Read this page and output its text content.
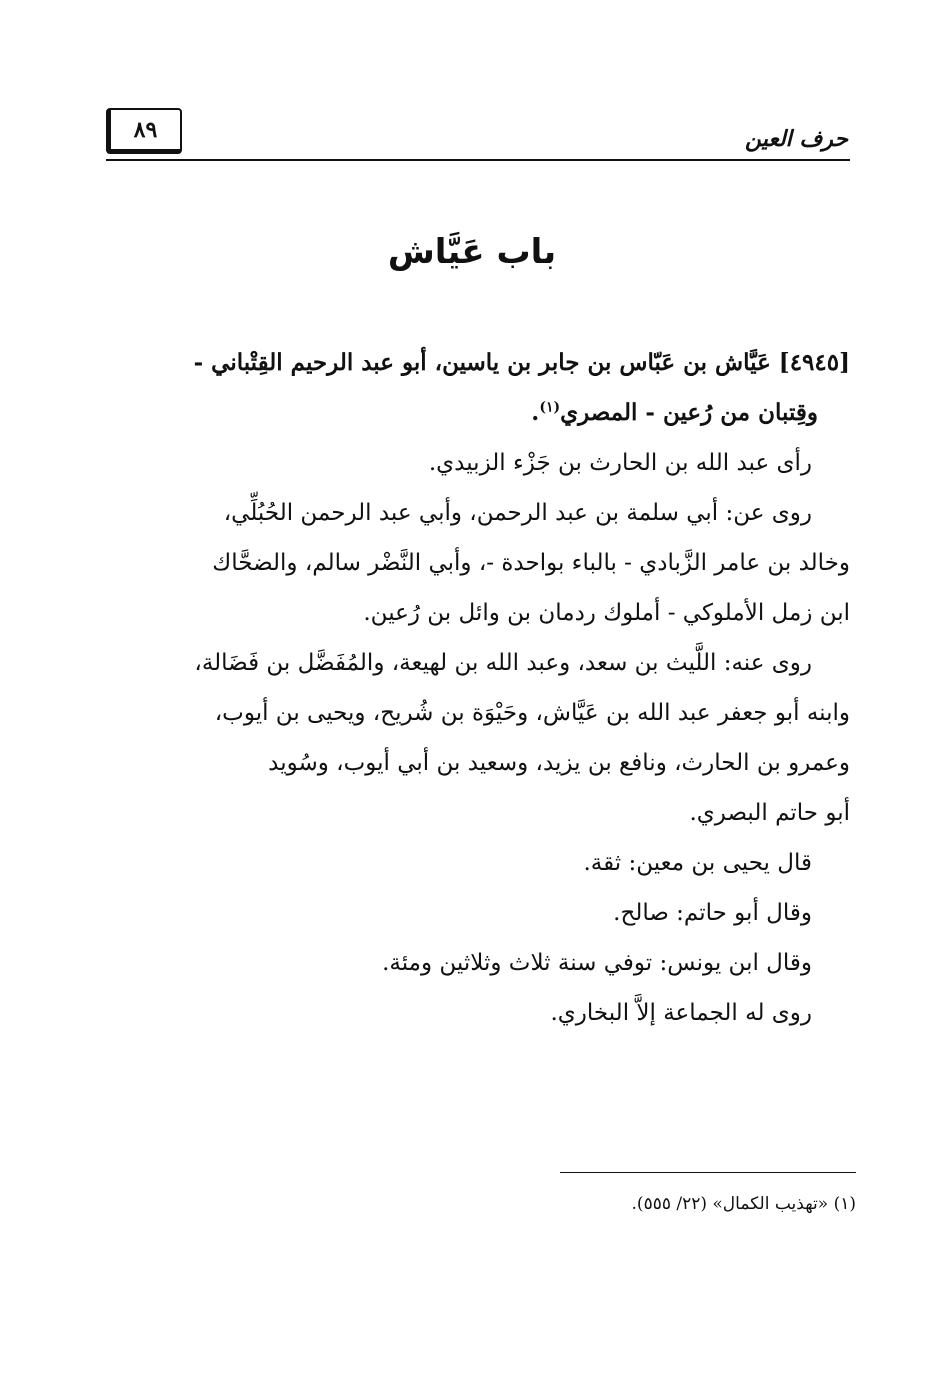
حرف العين
٨٩
باب عَيَّاش
[٤٩٤٥] عَيَّاش بن عَبّاس بن جابر بن ياسين، أبو عبد الرحيم القِتْباني -
وقِتبان من رُعين - المصري$^{(١)}$.
رأى عبد الله بن الحارث بن جَزْء الزبيدي.
روى عن: أبي سلمة بن عبد الرحمن، وأبي عبد الرحمن الحُبُلِّي،
وخالد بن عامر الزَّبادي - بالباء بواحدة -، وأبي النَّضْر سالم، والضحَّاك
ابن زمل الأملوكي - أملوك ردمان بن وائل بن رُعين.
روى عنه: اللَّيث بن سعد، وعبد الله بن لهيعة، والمُفَضَّل بن فَضَالة،
وابنه أبو جعفر عبد الله بن عَيَّاش، وحَيْوَة بن شُريح، ويحيى بن أيوب،
وعمرو بن الحارث، ونافع بن يزيد، وسعيد بن أبي أيوب، وسُويد
أبو حاتم البصري.
قال يحيى بن معين: ثقة.
وقال أبو حاتم: صالح.
وقال ابن يونس: توفي سنة ثلاث وثلاثين ومئة.
روى له الجماعة إلاَّ البخاري.
(١) «تهذيب الكمال» (٢٢/ ٥٥٥).
